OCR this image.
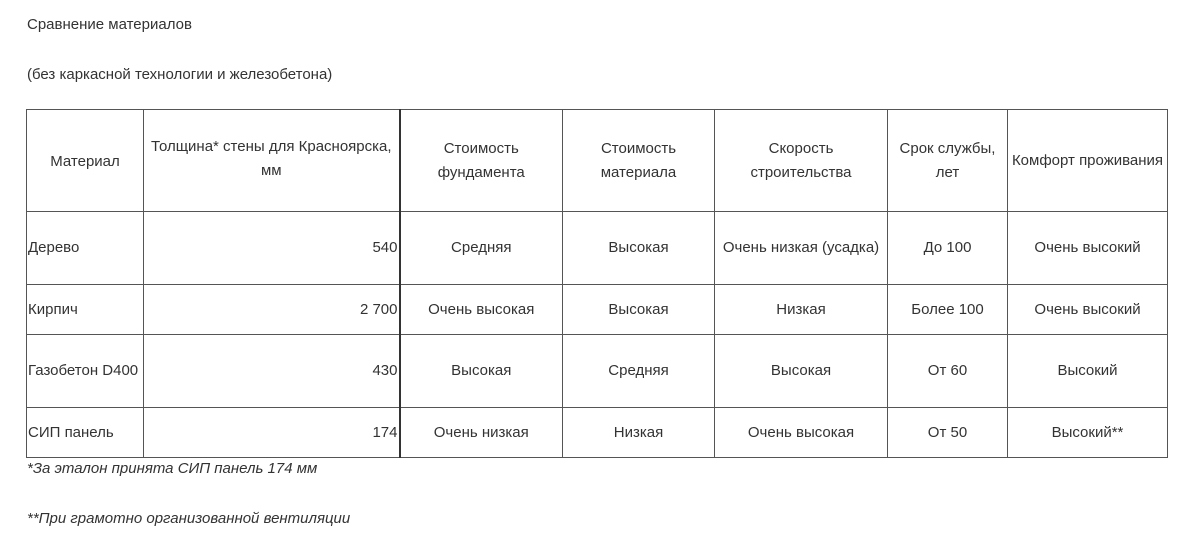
Сравнение материалов
(без каркасной технологии и железобетона)
Материал	Толщина* стены для Красноярска, мм	Стоимость фундамента	Стоимость материала	Скорость строительства	Срок службы, лет	Комфорт проживания
Дерево	540	Средняя	Высокая	Очень низкая (усадка)	До 100	Очень высокий
Кирпич	2 700	Очень высокая	Высокая	Низкая	Более 100	Очень высокий
Газобетон D400	430	Высокая	Средняя	Высокая	От 60	Высокий
СИП панель	174	Очень низкая	Низкая	Очень высокая	От 50	Высокий**
*За эталон принята СИП панель 174 мм
**При грамотно организованной вентиляции
